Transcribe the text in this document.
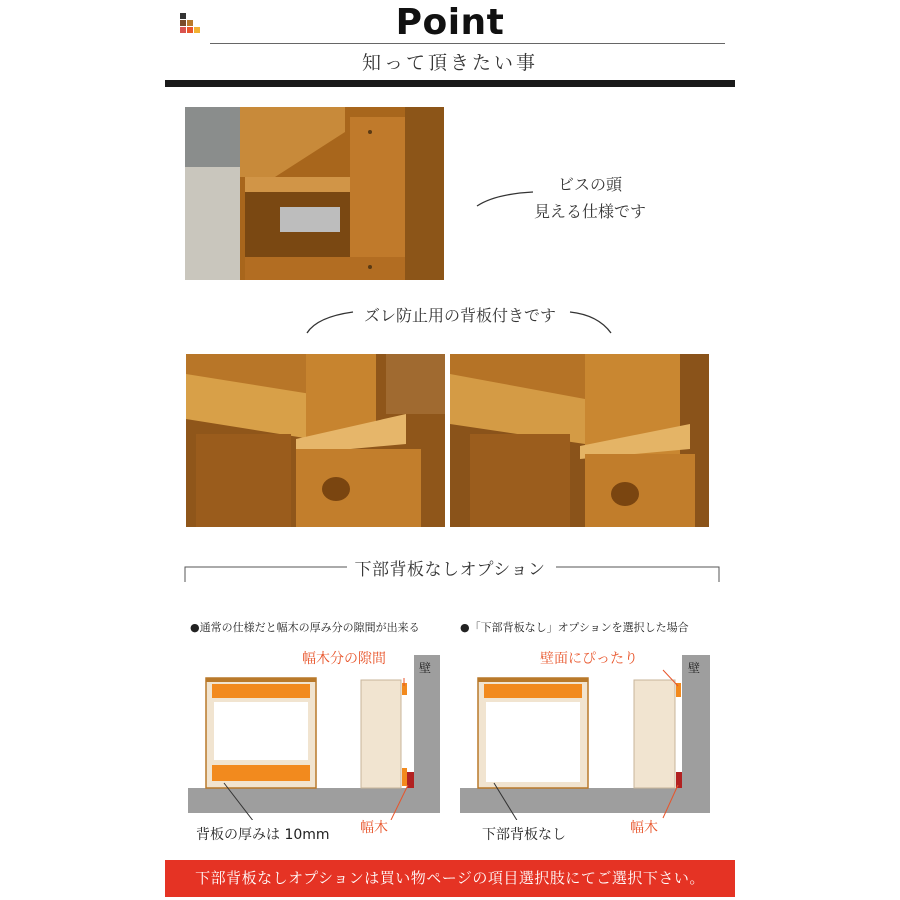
Point
知って頂きたい事
ビスの頭
見える仕様です
ズレ防止用の背板付きです
下部背板なしオプション
●通常の仕様だと幅木の厚み分の隙間が出来る	●「下部背板なし」オプションを選択した場合
幅木分の隙間
壁
背板の厚みは 10mm 幅木
壁面にぴったり
壁
下部背板なし	幅木
下部背板なしオプションは買い物ページの項目選択肢にてご選択下さい。
